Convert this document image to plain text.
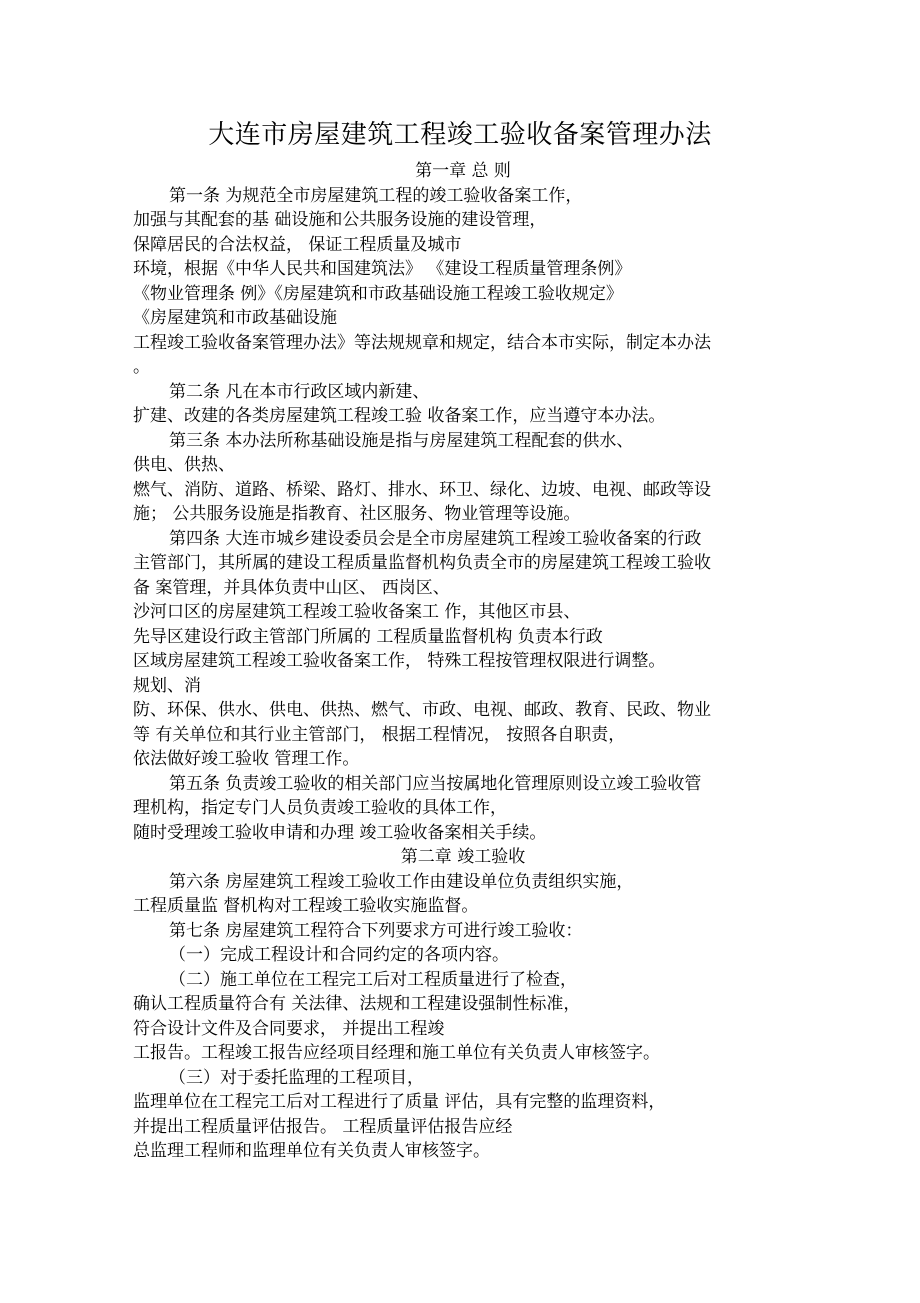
大连市房屋建筑工程竣工验收备案管理办法
第一章 总 则
第一条 为规范全市房屋建筑工程的竣工验收备案工作，
加强与其配套的基 础设施和公共服务设施的建设管理，
保障居民的合法权益， 保证工程质量及城市
环境，根据《中华人民共和国建筑法》 《建设工程质量管理条例》
《物业管理条 例》《房屋建筑和市政基础设施工程竣工验收规定》
《房屋建筑和市政基础设施
工程竣工验收备案管理办法》等法规规章和规定，结合本市实际，制定本办法
。
第二条 凡在本市行政区域内新建、
扩建、改建的各类房屋建筑工程竣工验 收备案工作，应当遵守本办法。
第三条 本办法所称基础设施是指与房屋建筑工程配套的供水、
供电、供热、
燃气、消防、道路、桥梁、路灯、排水、环卫、绿化、边坡、电视、邮政等设
施； 公共服务设施是指教育、社区服务、物业管理等设施。
第四条 大连市城乡建设委员会是全市房屋建筑工程竣工验收备案的行政
主管部门，其所属的建设工程质量监督机构负责全市的房屋建筑工程竣工验收
备 案管理，并具体负责中山区、 西岗区、
沙河口区的房屋建筑工程竣工验收备案工 作，其他区市县、
先导区建设行政主管部门所属的 工程质量监督机构 负责本行政
区域房屋建筑工程竣工验收备案工作， 特殊工程按管理权限进行调整。
规划、消
防、环保、供水、供电、供热、燃气、市政、电视、邮政、教育、民政、物业
等 有关单位和其行业主管部门， 根据工程情况， 按照各自职责，
依法做好竣工验收 管理工作。
第五条 负责竣工验收的相关部门应当按属地化管理原则设立竣工验收管
理机构，指定专门人员负责竣工验收的具体工作，
随时受理竣工验收申请和办理 竣工验收备案相关手续。
第二章 竣工验收
第六条 房屋建筑工程竣工验收工作由建设单位负责组织实施，
工程质量监 督机构对工程竣工验收实施监督。
第七条 房屋建筑工程符合下列要求方可进行竣工验收：
（一）完成工程设计和合同约定的各项内容。
（二）施工单位在工程完工后对工程质量进行了检查，
确认工程质量符合有 关法律、法规和工程建设强制性标准，
符合设计文件及合同要求， 并提出工程竣
工报告。工程竣工报告应经项目经理和施工单位有关负责人审核签字。
（三）对于委托监理的工程项目，
监理单位在工程完工后对工程进行了质量 评估，具有完整的监理资料，
并提出工程质量评估报告。 工程质量评估报告应经
总监理工程师和监理单位有关负责人审核签字。
